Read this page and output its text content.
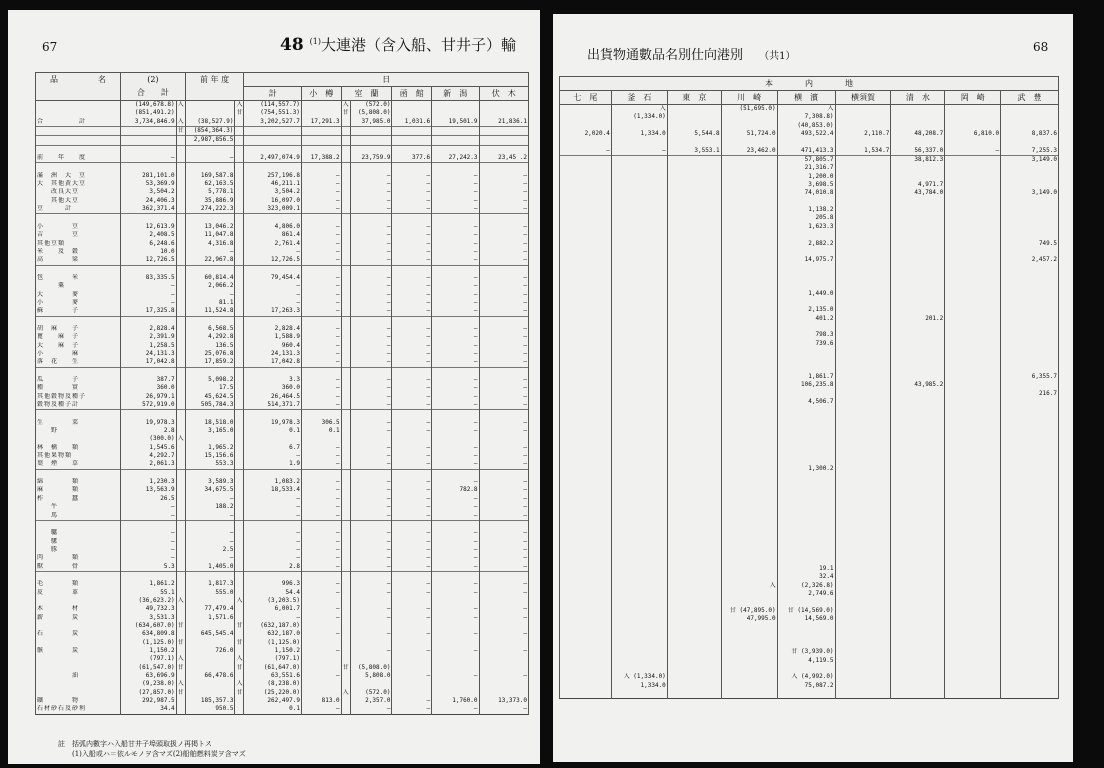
67	48 $^{(1)}$大連港（含入船、甘井子）輸
品　　　　　名	(2)
合　　計		前 年 度		日						
					計	小　樽	室　蘭		函　館	新　潟	伏　木
	(149,678.8)	入		入	(114,557.7)		入	(572.0)			
	(851,491.2)			甘	(754,551.3)		甘	(5,808.0)			
合　　　　　計	3,734,846.9	入	(38,527.9)		3,202,527.7	17,291.3		37,985.0	1,031.6	19,501.9	21,836.1
		甘	(854,364.3)								
			2,987,856.5								

前　　年　　度	—		—		2,497,074.9	17,388.2		23,759.9	377.6	27,242.3	23,45 .2

滿　洲　大　豆	281,101.0		169,587.8		257,196.8	—		—	—	—	—
大　其他黄大豆	53,369.9		62,163.5		46,211.1	—		—	—	—	—
　　改良大豆	3,504.2		5,778.1		3,504.2	—		—	—	—	—
　　其他大豆	24,406.3		35,886.9		16,097.0	—		—	—	—	—
豆　　　計	362,371.4		274,222.3		323,009.1	—		—	—	—	—

小　　　　豆	12,613.9		13,046.2		4,806.0	—		—	—	—	—
吉　　　　豆	2,408.5		11,047.8		861.4	—		—	—	—	—
其他豆類	6,248.6		4,316.8		2,761.4	—		—	—	—	—
米　　及　穀	10.0		—		—	—		—	—	—	—
高　　　　粱	12,726.5		22,967.8		12,726.5	—		—	—	—	—

包　　　　米	83,335.5		60,814.4		79,454.4	—		—	—	—	—
　　　粟	—		2,066.2		—	—		—	—	—	—
大　　　　麥	—		—		—	—		—	—	—	—
小　　　　麥	—		81.1		—	—		—	—	—	—
蘇　　　　子	17,325.8		11,524.8		17,263.3	—		—	—	—	—

胡　麻　　子	2,828.4		6,568.5		2,828.4	—		—	—	—	—
蓖　　麻　子	2,391.9		4,292.8		1,588.9	—		—	—	—	—
大　　麻　子	1,258.5		136.5		960.4	—		—	—	—	—
小　　　　麻	24,131.3		25,076.8		24,131.3	—		—	—	—	—
落　花　　生	17,042.8		17,859.2		17,042.8	—		—	—	—	—

瓜　　　　子	387.7		5,098.2		3.3	—		—	—	—	—
種　　　　實	360.0		17.5		360.0	—		—	—	—	—
其他穀物及種子	26,979.1		45,624.5		26,464.5	—		—	—	—	—
穀物及種子計	572,919.0		505,784.3		514,371.7	—		—	—	—	—

生　　　　菜	19,978.3		18,518.0		19,978.3	306.5		—	—	—	—
　　野	2.8		3,165.0		0.1	0.1		—	—	—	—
	(300.0)	入									
林　檎　　類	1,545.6		1,965.2		6.7	—		—	—	—	—
其他果物類	4,292.7		15,156.6		—	—		—	—	—	—
葉　煙　　草	2,061.3		553.3		1.9	—		—	—	—	—

綿　　　　類	1,230.3		3,589.3		1,083.2	—		—	—	—	—
麻　　　　類	13,563.9		34,675.5		18,533.4	—		—	—	782.8	—
柞　　　　蠶	26.5		—		—	—		—	—	—	—
　　牛	—		188.2		—	—		—	—	—	—
　　馬	—		—		—	—		—	—	—	—

　　驢	—		—		—	—		—	—	—	—
　　騾	—		—		—	—		—	—	—	—
　　豚	—		2.5		—	—		—	—	—	—
肉　　　　類	—		—		—	—		—	—	—	—
獸　　　　骨	5.3		1,405.0		2.8	—		—	—	—	—

毛　　　　類	1,861.2		1,817.3		996.3	—		—	—	—	—
皮　　　　革	55.1		555.0		54.4	—		—	—	—	—
	(36,623.2)	入		入	(3,203.5)						
木　　　　材	49,732.3		77,479.4		6,001.7	—		—	—	—	—
薪　　　　炭	3,531.3		1,571.6		—	—		—	—	—	—
	(634,607.0)	甘		甘	(632,187.0)						
石　　　　炭	634,809.8		645,545.4		632,187.0	—		—	—	—	—
	(1,125.0)	甘		甘	(1,125.0)						
骸　　　　炭	1,150.2		726.0		1,150.2	—		—	—	—	—
	(797.1)	入		入	(797.1)						
	(61,547.0)	甘		甘	(61,647.0)		甘	(5,808.0)			
　　　　　油	63,696.9		66,478.6		63,551.6	—		5,808.0	—	—	—
	(9,238.0)	入		入	(8,238.0)						
	(27,857.0)	甘		甘	(25,220.0)		入	(572.0)			
礦　　　　物	292,987.5		185,357.3		262,497.9	813.0		2,357.0	—	1,760.0	13,373.0
石材砂石及砂利	34.4		950.5		0.1	—		—	—	—	—
註　括弧内數字ハ入船甘井子埠頭取扱ノ再掲トス
　　(1)入船或ハ＝依ルモノヲ含マズ(2)船舶燃料炭ヲ含マズ
出貨物通數品名別仕向港別 （共1）
68
本　　　　内　　　　地								
七　尾	釜　石	東　京	川　崎	横　濱	横須賀	清　水	岡　崎	武　豊
	入		(51,695.0)	入				
	(1,334.0)			7,308.8)				
				(40,853.0)				
2,020.4	1,334.0	5,544.8	51,724.0	493,522.4	2,110.7	48,208.7	6,810.0	8,837.6

—	—	3,553.1	23,462.0	471,413.3	1,534.7	56,337.0	—	7,255.3
				57,805.7		38,812.3		3,149.0
				21,316.7				
				1,200.0				
				3,698.5		4,971.7		
				74,010.8		43,784.0		3,149.0

				1,138.2				
				205.8				
				1,623.3				

				2,882.2				749.5

				14,975.7				2,457.2

				1,449.0				

				2,135.0				
				401.2		201.2		

				798.3				
				739.6				

				1,861.7				6,355.7
				106,235.8		43,985.2		
								216.7
				4,506.7				

				1,300.2				

				19.1				
				32.4				
			入	(2,326.8)				
				2,749.6				

			甘 (47,895.0)	甘 (14,569.0)				
			47,995.0	14,569.0				

				甘 (3,939.0)				
				4,119.5				

	入 (1,334.0)			入 (4,992.0)				
	1,334.0			75,087.2				
